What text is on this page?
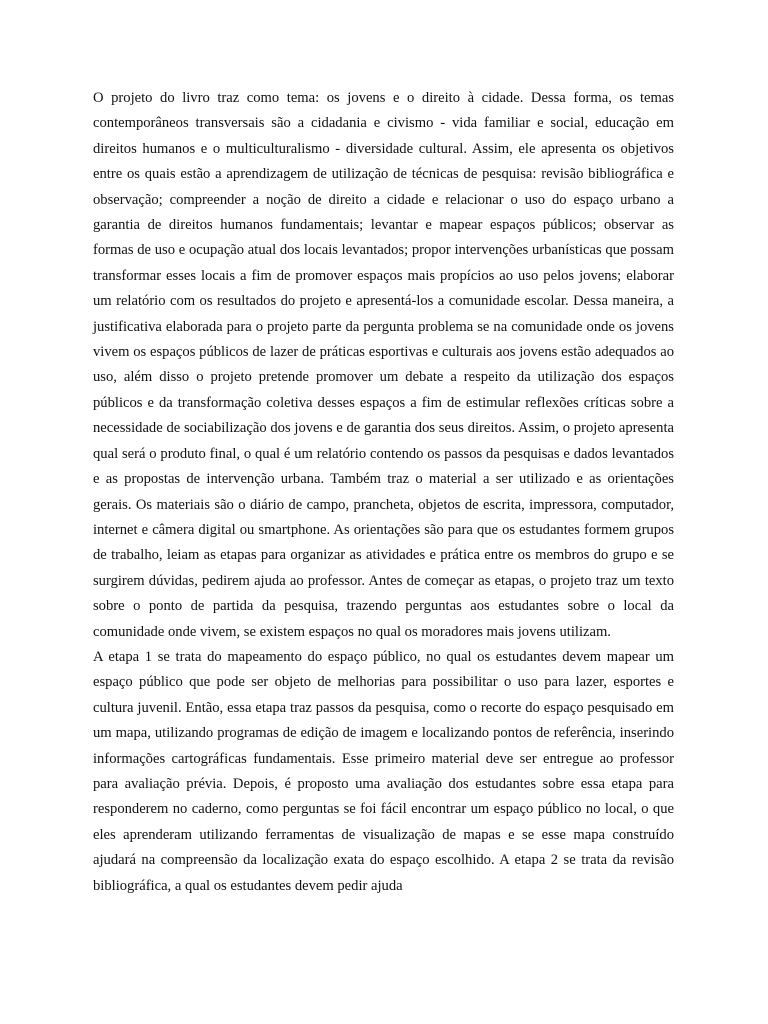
O projeto do livro traz como tema: os jovens e o direito à cidade. Dessa forma, os temas contemporâneos transversais são a cidadania e civismo - vida familiar e social, educação em direitos humanos e o multiculturalismo - diversidade cultural. Assim, ele apresenta os objetivos entre os quais estão a aprendizagem de utilização de técnicas de pesquisa: revisão bibliográfica e observação; compreender a noção de direito a cidade e relacionar o uso do espaço urbano a garantia de direitos humanos fundamentais; levantar e mapear espaços públicos; observar as formas de uso e ocupação atual dos locais levantados; propor intervenções urbanísticas que possam transformar esses locais a fim de promover espaços mais propícios ao uso pelos jovens; elaborar um relatório com os resultados do projeto e apresentá-los a comunidade escolar. Dessa maneira, a justificativa elaborada para o projeto parte da pergunta problema se na comunidade onde os jovens vivem os espaços públicos de lazer de práticas esportivas e culturais aos jovens estão adequados ao uso, além disso o projeto pretende promover um debate a respeito da utilização dos espaços públicos e da transformação coletiva desses espaços a fim de estimular reflexões críticas sobre a necessidade de sociabilização dos jovens e de garantia dos seus direitos. Assim, o projeto apresenta qual será o produto final, o qual é um relatório contendo os passos da pesquisas e dados levantados e as propostas de intervenção urbana. Também traz o material a ser utilizado e as orientações gerais. Os materiais são o diário de campo, prancheta, objetos de escrita, impressora, computador, internet e câmera digital ou smartphone. As orientações são para que os estudantes formem grupos de trabalho, leiam as etapas para organizar as atividades e prática entre os membros do grupo e se surgirem dúvidas, pedirem ajuda ao professor. Antes de começar as etapas, o projeto traz um texto sobre o ponto de partida da pesquisa, trazendo perguntas aos estudantes sobre o local da comunidade onde vivem, se existem espaços no qual os moradores mais jovens utilizam.

A etapa 1 se trata do mapeamento do espaço público, no qual os estudantes devem mapear um espaço público que pode ser objeto de melhorias para possibilitar o uso para lazer, esportes e cultura juvenil. Então, essa etapa traz passos da pesquisa, como o recorte do espaço pesquisado em um mapa, utilizando programas de edição de imagem e localizando pontos de referência, inserindo informações cartográficas fundamentais. Esse primeiro material deve ser entregue ao professor para avaliação prévia. Depois, é proposto uma avaliação dos estudantes sobre essa etapa para responderem no caderno, como perguntas se foi fácil encontrar um espaço público no local, o que eles aprenderam utilizando ferramentas de visualização de mapas e se esse mapa construído ajudará na compreensão da localização exata do espaço escolhido. A etapa 2 se trata da revisão bibliográfica, a qual os estudantes devem pedir ajuda
